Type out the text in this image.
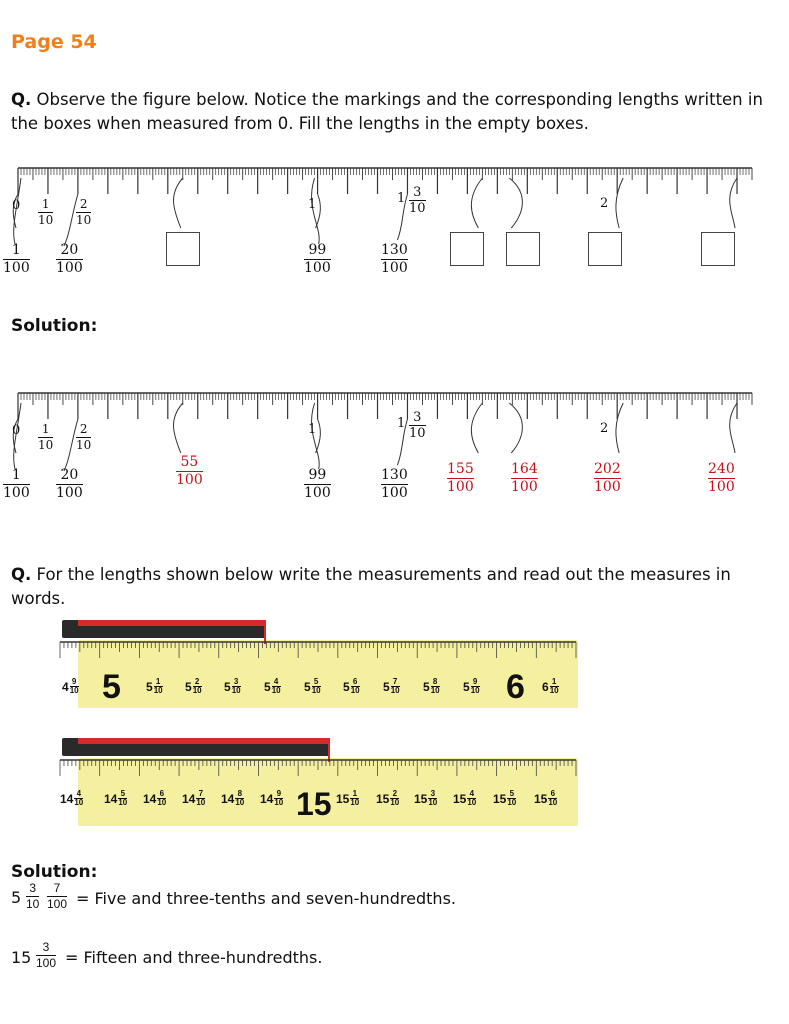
Page 54
Q. Observe the figure below. Notice the markings and the corresponding lengths written in the boxes when measured from 0. Fill the lengths in the empty boxes.
0 1
10
2
10
1	1 3
10	2
1
100
20
100
99
100
130
100
Solution:
0 1
10
2
10
1	1 3
10	2
1
100
20
100
99
100
130
100
55
100
155
100
164
100
202
100
240
100
Q. For the lengths shown below write the measurements and read out the measures in words.
5	6
4 9
10	5 1
10 5 2
10 5 3
10 5 4
10 5 5
10 5 6
10 5 7
10 5 8
10 5 9
10	6 1
10
15
14 4
10 14 5
10 14 6
10 14 7
10 14 8
10 14 9
10	15 1
10 15 2
10 15 3
10 15 4
10 15 5
10 15 6
10
Solution:
5 3
10
7
100 = Five and three-tenths and seven-hundredths.
15
3
100 = Fifteen and three-hundredths.
